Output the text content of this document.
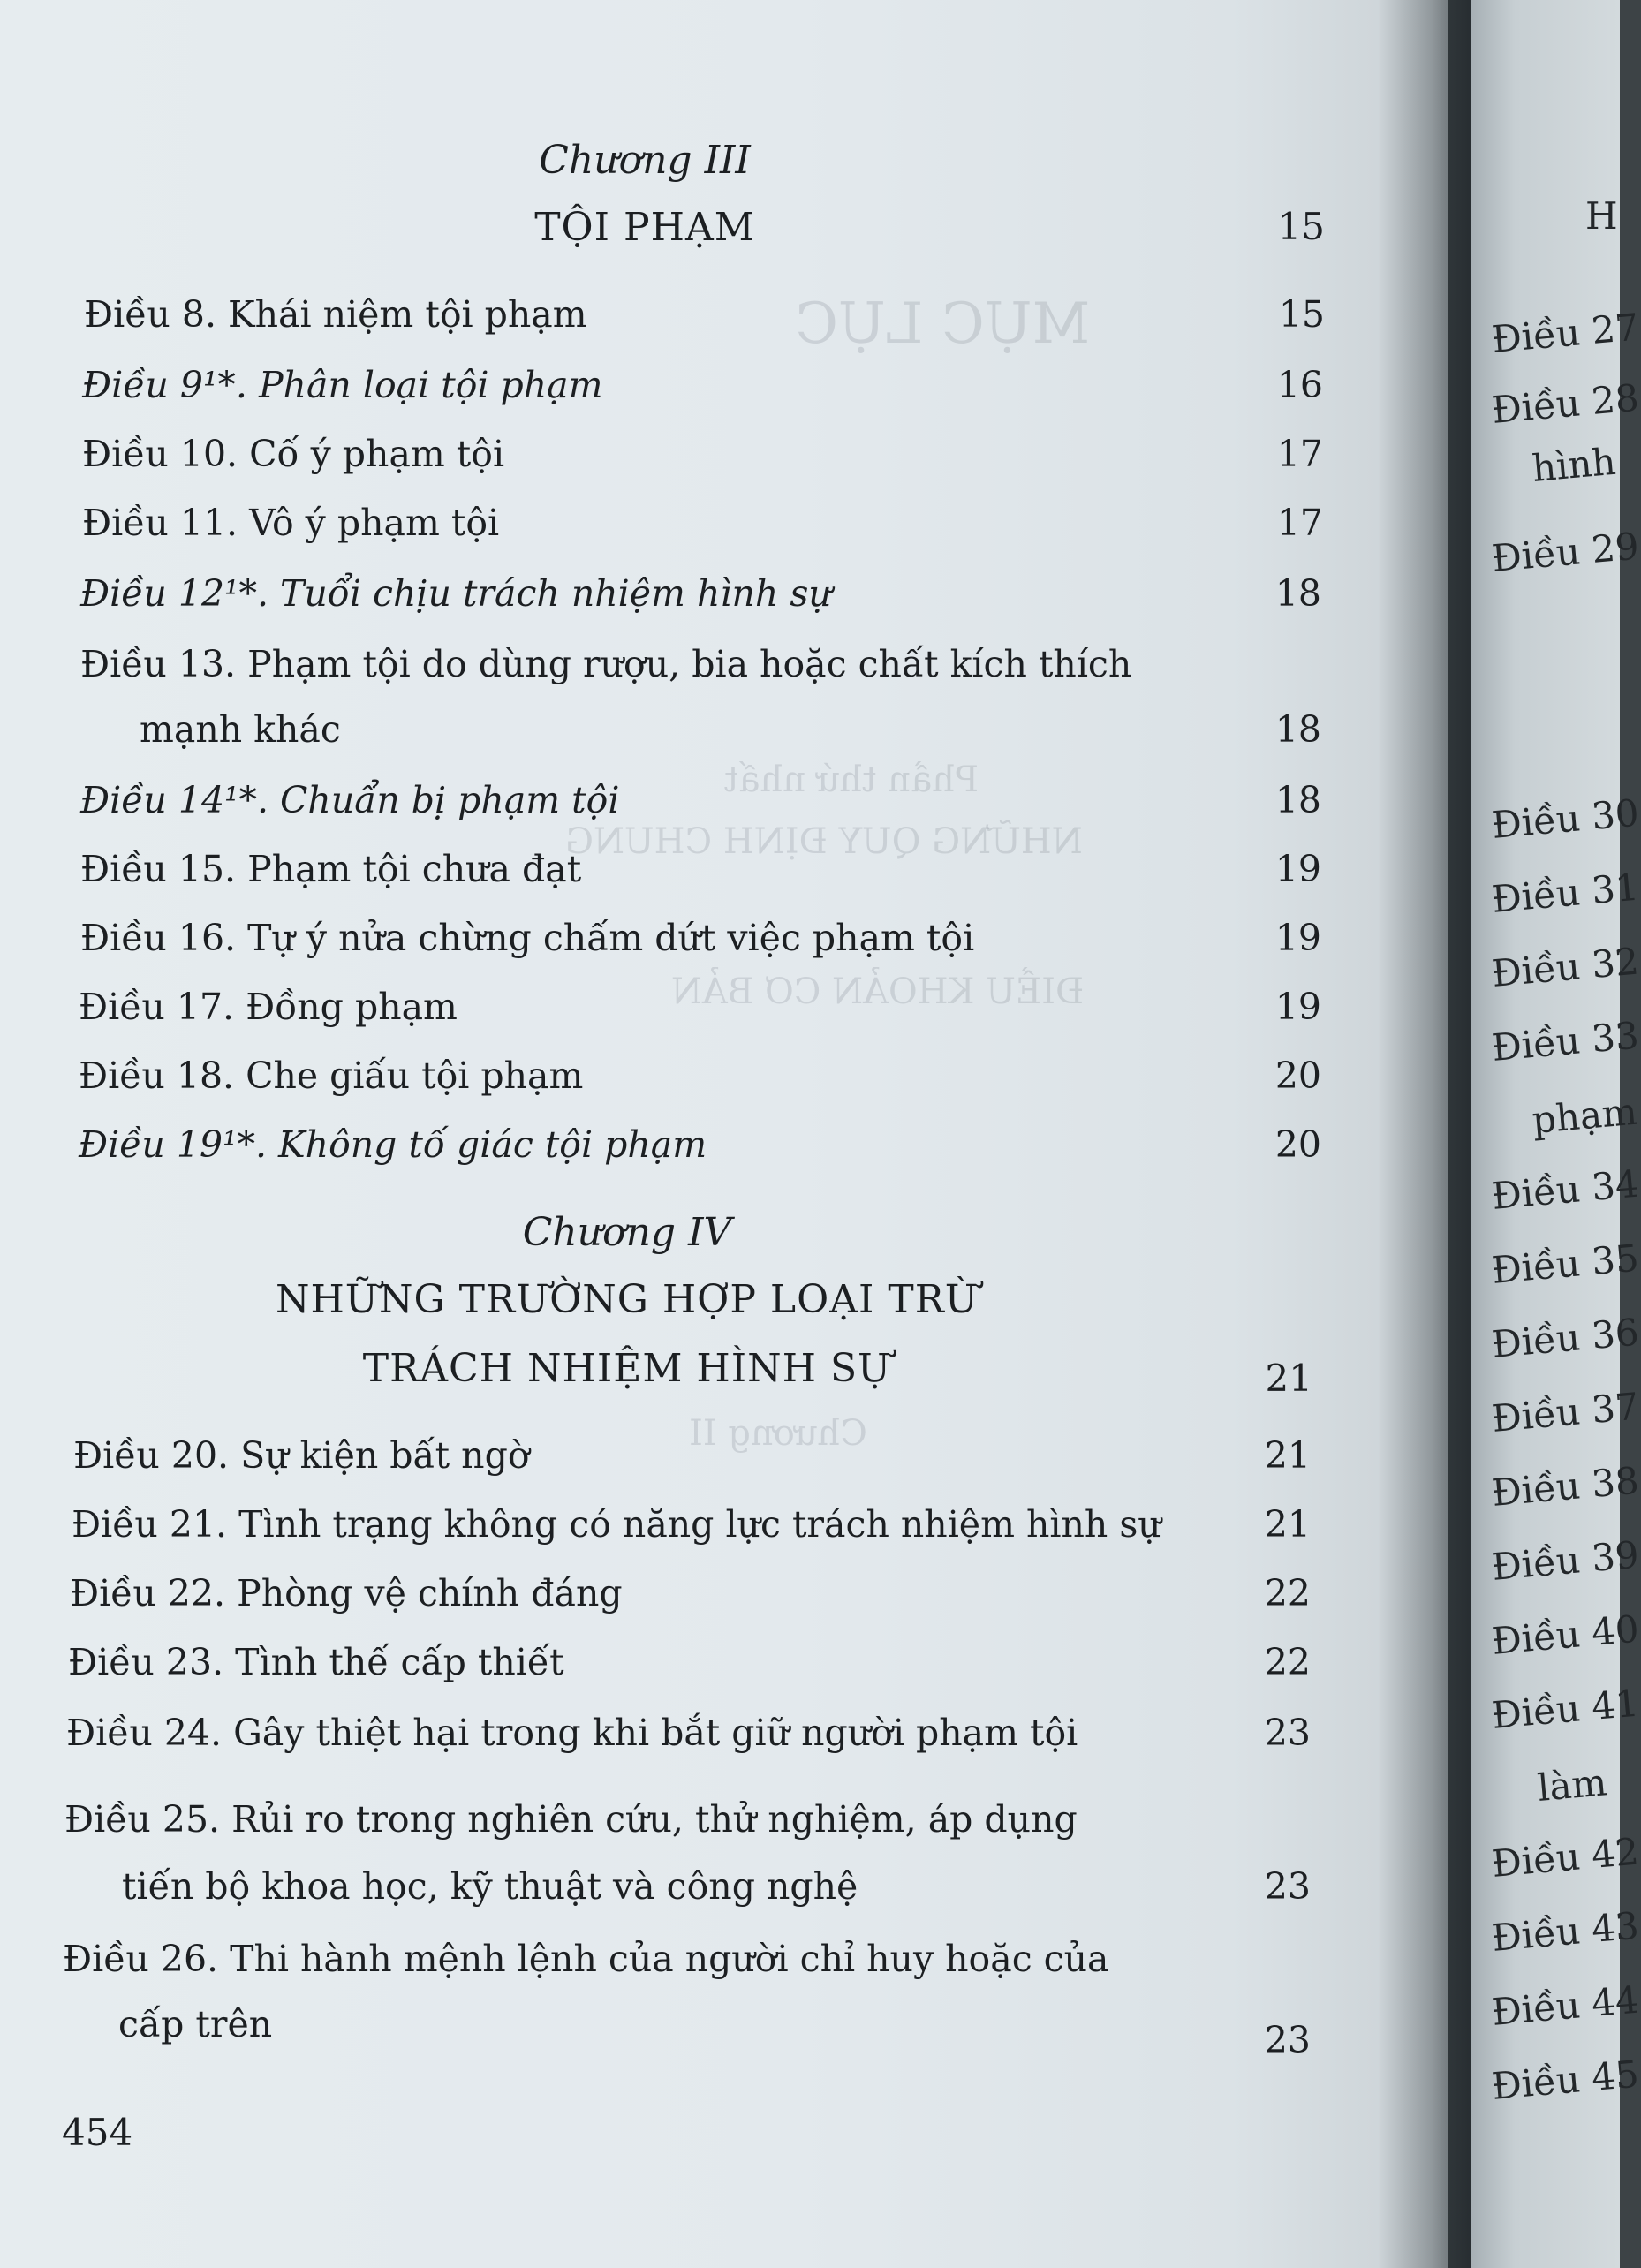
MỤC LỤC
Phần thứ nhất
NHỮNG QUY ĐỊNH CHUNG
ĐIỀU KHOẢN CƠ BẢN
Chương II
Chương III
TỘI PHẠM	15
Điều 8. Khái niệm tội phạm	15
Điều 9¹*. Phân loại tội phạm	16
Điều 10. Cố ý phạm tội	17
Điều 11. Vô ý phạm tội	17
Điều 12¹*. Tuổi chịu trách nhiệm hình sự	18
Điều 13. Phạm tội do dùng rượu, bia hoặc chất kích thích
mạnh khác	18
Điều 14¹*. Chuẩn bị phạm tội	18
Điều 15. Phạm tội chưa đạt	19
Điều 16. Tự ý nửa chừng chấm dứt việc phạm tội	19
Điều 17. Đồng phạm	19
Điều 18. Che giấu tội phạm	20
Điều 19¹*. Không tố giác tội phạm	20
Chương IV
NHỮNG TRƯỜNG HỢP LOẠI TRỪ
TRÁCH NHIỆM HÌNH SỰ	21
Điều 20. Sự kiện bất ngờ	21
Điều 21. Tình trạng không có năng lực trách nhiệm hình sự	21
Điều 22. Phòng vệ chính đáng	22
Điều 23. Tình thế cấp thiết	22
Điều 24. Gây thiệt hại trong khi bắt giữ người phạm tội	23
Điều 25. Rủi ro trong nghiên cứu, thử nghiệm, áp dụng
tiến bộ khoa học, kỹ thuật và công nghệ	23
Điều 26. Thi hành mệnh lệnh của người chỉ huy hoặc của
cấp trên	23
454
H
Điều 27
Điều 28
hình
Điều 29
Điều 30
Điều 31
Điều 32
Điều 33
phạm
Điều 34
Điều 35
Điều 36
Điều 37
Điều 38
Điều 39
Điều 40
Điều 41
làm
Điều 42
Điều 43
Điều 44
Điều 45
